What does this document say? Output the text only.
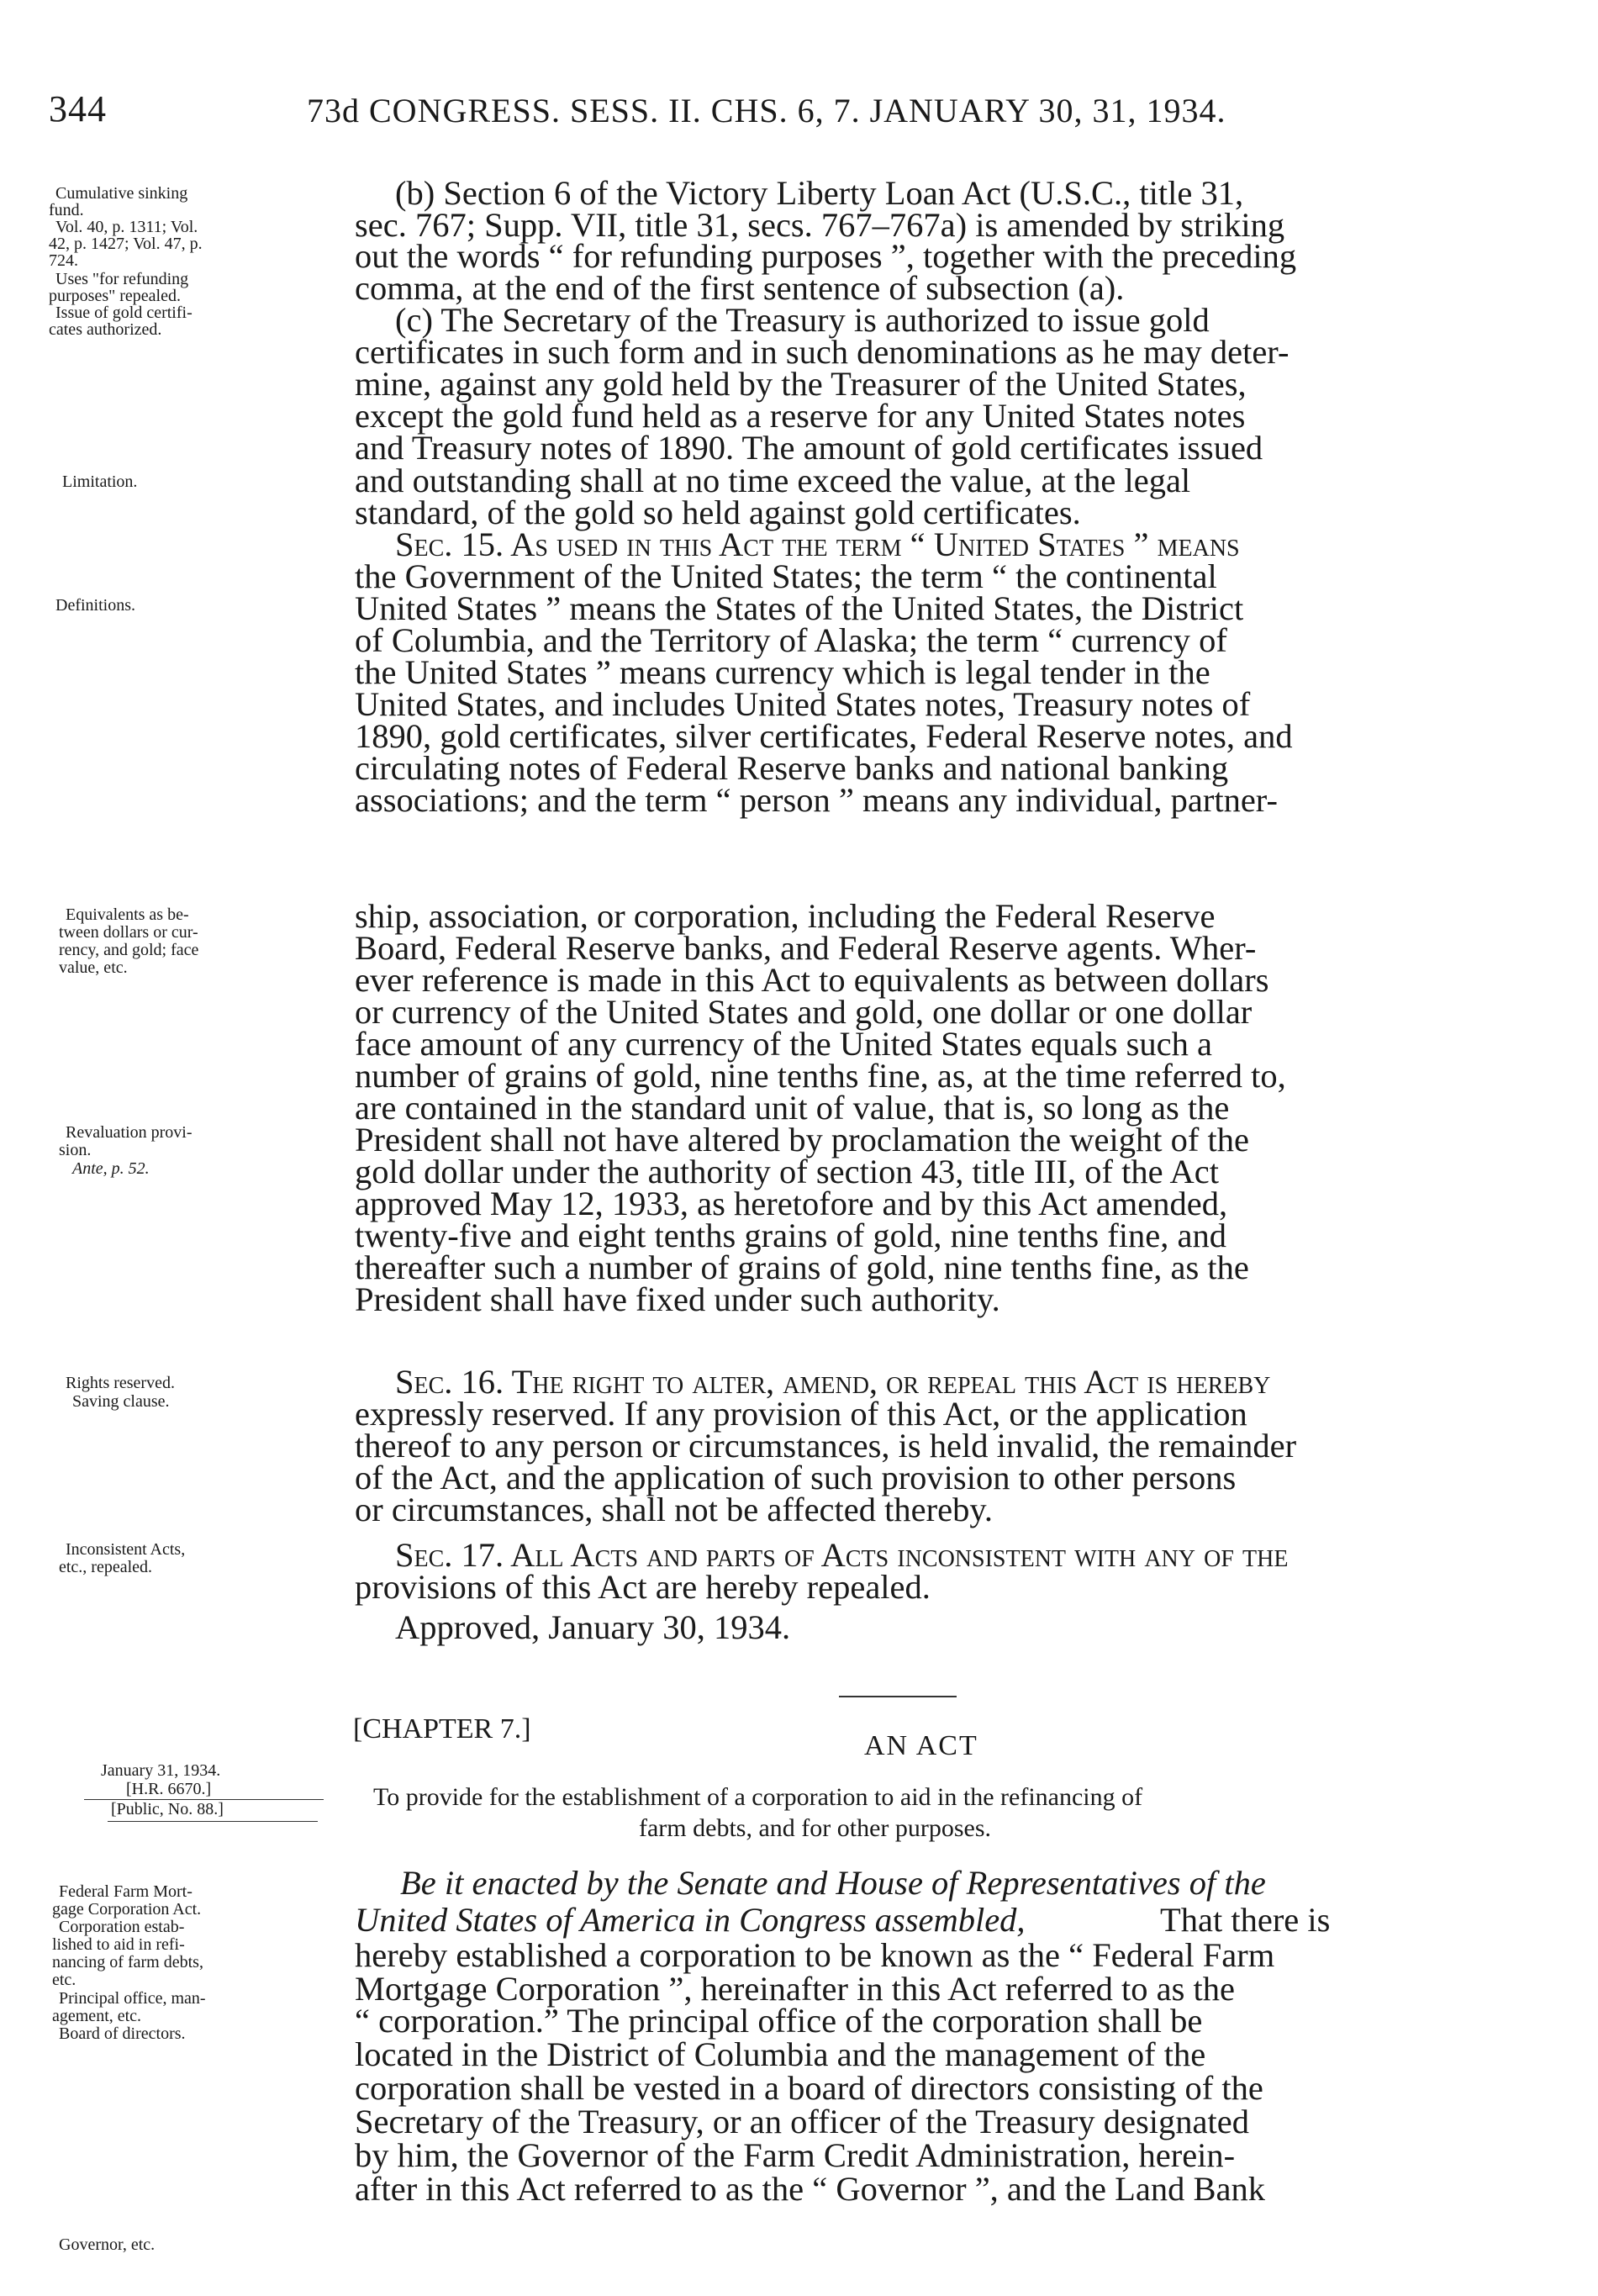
344	73d CONGRESS. SESS. II. CHS. 6, 7. JANUARY 30, 31, 1934.
Cumulative sinking
fund.
Vol. 40, p. 1311; Vol.
42, p. 1427; Vol. 47, p.
724.
Uses "for refunding
purposes" repealed.
Issue of gold certifi-
cates authorized.
Limitation.
Definitions.
Equivalents as be-
tween dollars or cur-
rency, and gold; face
value, etc.
Revaluation provi-
sion.
Ante, p. 52.
Rights reserved.
Saving clause.
Inconsistent Acts,
etc., repealed.
January 31, 1934.
[H.R. 6670.]
[Public, No. 88.]
Federal Farm Mort-
gage Corporation Act.
Corporation estab-
lished to aid in refi-
nancing of farm debts,
etc.
Principal office, man-
agement, etc.
Board of directors.
Governor, etc.
(b) Section 6 of the Victory Liberty Loan Act (U.S.C., title 31,
sec. 767; Supp. VII, title 31, secs. 767–767a) is amended by striking
out the words “ for refunding purposes ”, together with the preceding
comma, at the end of the first sentence of subsection (a).
(c) The Secretary of the Treasury is authorized to issue gold
certificates in such form and in such denominations as he may deter-
mine, against any gold held by the Treasurer of the United States,
except the gold fund held as a reserve for any United States notes
and Treasury notes of 1890. The amount of gold certificates issued
and outstanding shall at no time exceed the value, at the legal
standard, of the gold so held against gold certificates.
Sec. 15. As used in this Act the term “ United States ” means
the Government of the United States; the term “ the continental
United States ” means the States of the United States, the District
of Columbia, and the Territory of Alaska; the term “ currency of
the United States ” means currency which is legal tender in the
United States, and includes United States notes, Treasury notes of
1890, gold certificates, silver certificates, Federal Reserve notes, and
circulating notes of Federal Reserve banks and national banking
associations; and the term “ person ” means any individual, partner-
ship, association, or corporation, including the Federal Reserve
Board, Federal Reserve banks, and Federal Reserve agents. Wher-
ever reference is made in this Act to equivalents as between dollars
or currency of the United States and gold, one dollar or one dollar
face amount of any currency of the United States equals such a
number of grains of gold, nine tenths fine, as, at the time referred to,
are contained in the standard unit of value, that is, so long as the
President shall not have altered by proclamation the weight of the
gold dollar under the authority of section 43, title III, of the Act
approved May 12, 1933, as heretofore and by this Act amended,
twenty-five and eight tenths grains of gold, nine tenths fine, and
thereafter such a number of grains of gold, nine tenths fine, as the
President shall have fixed under such authority.
Sec. 16. The right to alter, amend, or repeal this Act is hereby
expressly reserved. If any provision of this Act, or the application
thereof to any person or circumstances, is held invalid, the remainder
of the Act, and the application of such provision to other persons
or circumstances, shall not be affected thereby.
Sec. 17. All Acts and parts of Acts inconsistent with any of the
provisions of this Act are hereby repealed.
Approved, January 30, 1934.
[CHAPTER 7.]
AN ACT
To provide for the establishment of a corporation to aid in the refinancing of
farm debts, and for other purposes.
Be it enacted by the Senate and House of Representatives of the
United States of America in Congress assembled,	That there is
hereby established a corporation to be known as the “ Federal Farm
Mortgage Corporation ”, hereinafter in this Act referred to as the
“ corporation.” The principal office of the corporation shall be
located in the District of Columbia and the management of the
corporation shall be vested in a board of directors consisting of the
Secretary of the Treasury, or an officer of the Treasury designated
by him, the Governor of the Farm Credit Administration, herein-
after in this Act referred to as the “ Governor ”, and the Land Bank
